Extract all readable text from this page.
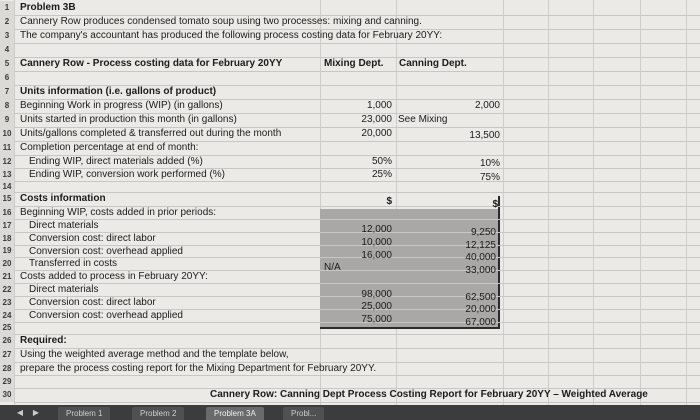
1
2
3
4
5
6
7
8
9
10
11
12
13
14
15
16
17
18
19
20
21
22
23
24
25
26
27
28
29
30
Problem 3B
Cannery Row produces condensed tomato soup using two processes: mixing and canning.
The company's accountant has produced the following process costing data for February 20YY:
Cannery Row - Process costing data for February 20YY	Mixing Dept. Canning Dept.
Units information (i.e. gallons of product)
Beginning Work in progress (WIP) (in gallons)	1,000	2,000
Units started in production this month (in gallons)	23,000 See Mixing
Units/gallons completed & transferred out during the month	20,000	13,500
Completion percentage at end of month:
Ending WIP, direct materials added (%)	50%	10%
Ending WIP, conversion work performed (%)	25%	75%
Costs information	$	$
Beginning WIP, costs added in prior periods:
Direct materials	12,000	9,250
Conversion cost: direct labor	10,000	12,125
Conversion cost: overhead applied	16,000	40,000
Transferred in costs	N/A	33,000
Costs added to process in February 20YY:
Direct materials	98,000	62,500
Conversion cost: direct labor	25,000	20,000
Conversion cost: overhead applied	75,000	67,000
Required:
Using the weighted average method and the template below,
prepare the process costing report for the Mixing Department for February 20YY.
Cannery Row: Canning Dept Process Costing Report for February 20YY – Weighted Average
◀	▶	Problem 1	Problem 2	Problem 3A	Probl...
